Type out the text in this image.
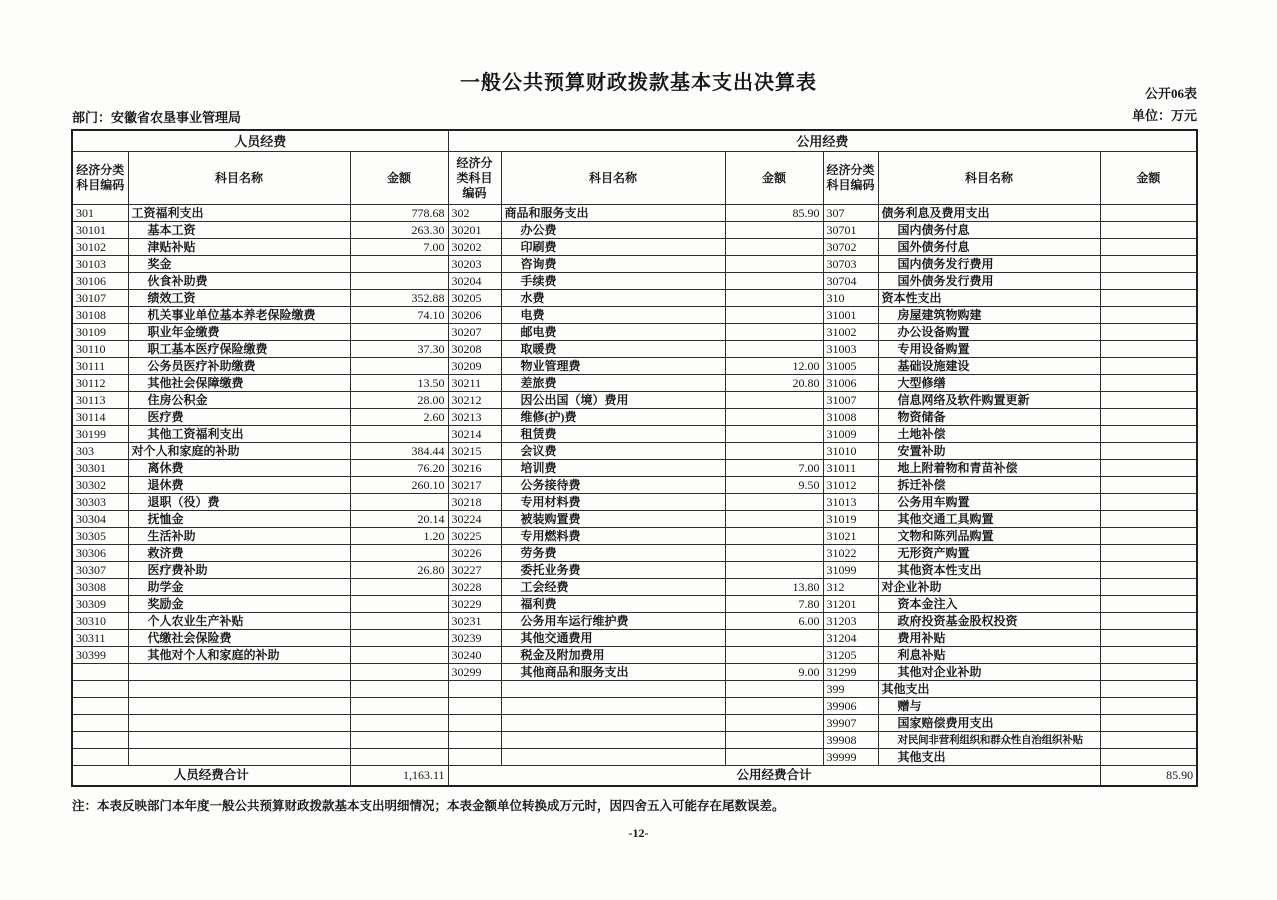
一般公共预算财政拨款基本支出决算表	公开06表
单位：万元
部门：安徽省农垦事业管理局
人员经费			公用经费					
经济分类科目编码	科目名称	金额	经济分类科目编码	科目名称	金额	经济分类科目编码	科目名称	金额
301	工资福利支出	778.68	302	商品和服务支出	85.90	307	债务利息及费用支出	
30101	基本工资	263.30	30201	办公费		30701	国内债务付息	
30102	津贴补贴	7.00	30202	印刷费		30702	国外债务付息	
30103	奖金		30203	咨询费		30703	国内债务发行费用	
30106	伙食补助费		30204	手续费		30704	国外债务发行费用	
30107	绩效工资	352.88	30205	水费		310	资本性支出	
30108	机关事业单位基本养老保险缴费	74.10	30206	电费		31001	房屋建筑物购建	
30109	职业年金缴费		30207	邮电费		31002	办公设备购置	
30110	职工基本医疗保险缴费	37.30	30208	取暖费		31003	专用设备购置	
30111	公务员医疗补助缴费		30209	物业管理费	12.00	31005	基础设施建设	
30112	其他社会保障缴费	13.50	30211	差旅费	20.80	31006	大型修缮	
30113	住房公积金	28.00	30212	因公出国（境）费用		31007	信息网络及软件购置更新	
30114	医疗费	2.60	30213	维修(护)费		31008	物资储备	
30199	其他工资福利支出		30214	租赁费		31009	土地补偿	
303	对个人和家庭的补助	384.44	30215	会议费		31010	安置补助	
30301	离休费	76.20	30216	培训费	7.00	31011	地上附着物和青苗补偿	
30302	退休费	260.10	30217	公务接待费	9.50	31012	拆迁补偿	
30303	退职（役）费		30218	专用材料费		31013	公务用车购置	
30304	抚恤金	20.14	30224	被装购置费		31019	其他交通工具购置	
30305	生活补助	1.20	30225	专用燃料费		31021	文物和陈列品购置	
30306	救济费		30226	劳务费		31022	无形资产购置	
30307	医疗费补助	26.80	30227	委托业务费		31099	其他资本性支出	
30308	助学金		30228	工会经费	13.80	312	对企业补助	
30309	奖励金		30229	福利费	7.80	31201	资本金注入	
30310	个人农业生产补贴		30231	公务用车运行维护费	6.00	31203	政府投资基金股权投资	
30311	代缴社会保险费		30239	其他交通费用		31204	费用补贴	
30399	其他对个人和家庭的补助		30240	税金及附加费用		31205	利息补贴	
			30299	其他商品和服务支出	9.00	31299	其他对企业补助	
						399	其他支出	
						39906	赠与	
						39907	国家赔偿费用支出	
						39908	对民间非营利组织和群众性自治组织补贴	
						39999	其他支出	
人员经费合计		1,163.11	公用经费合计					85.90
注：本表反映部门本年度一般公共预算财政拨款基本支出明细情况；本表金额单位转换成万元时，因四舍五入可能存在尾数误差。
-12-
